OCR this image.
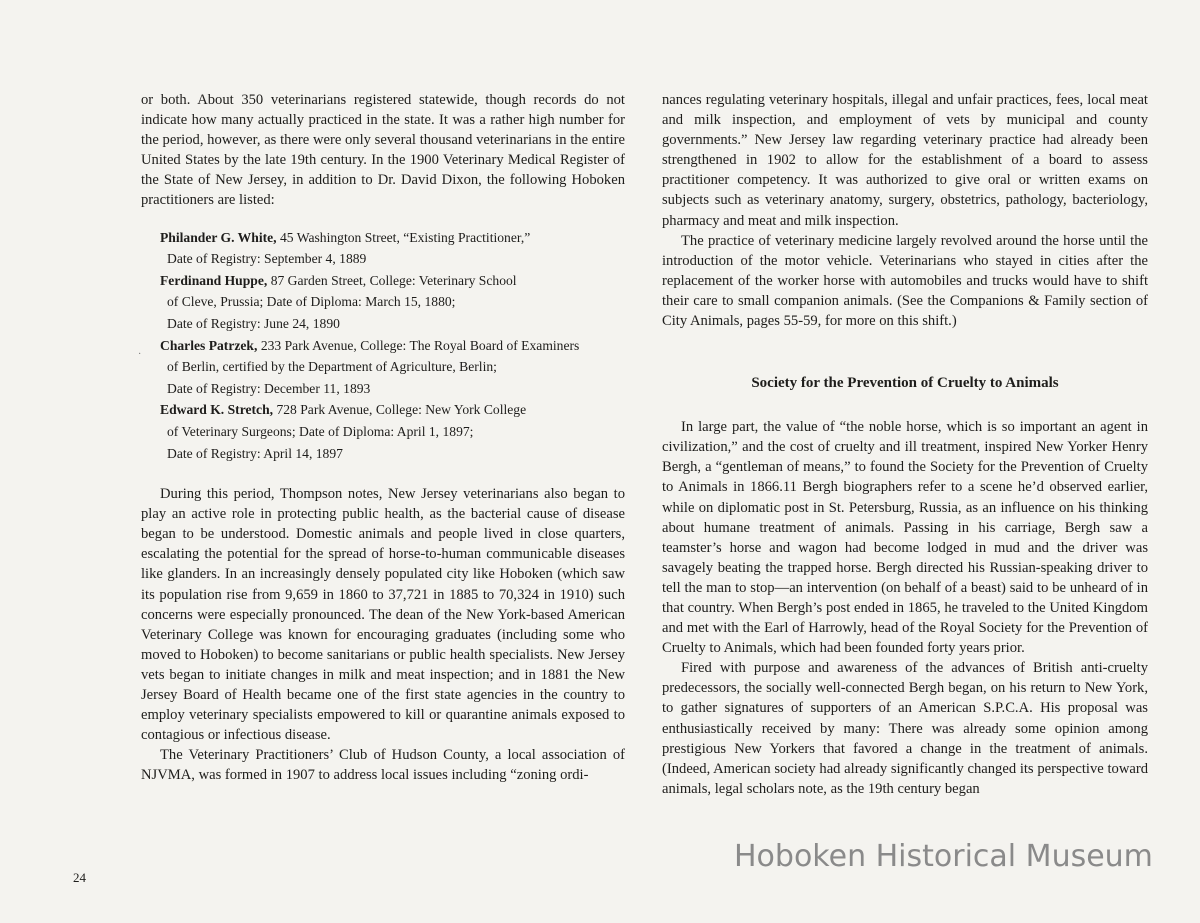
or both. About 350 veterinarians registered statewide, though records do not indicate how many actually practiced in the state. It was a rather high number for the period, however, as there were only several thousand veterinarians in the entire United States by the late 19th century. In the 1900 Veterinary Medical Register of the State of New Jersey, in addition to Dr. David Dixon, the following Hoboken practitioners are listed:

Philander G. White, 45 Washington Street, “Existing Practitioner,”
Date of Registry: September 4, 1889
Ferdinand Huppe, 87 Garden Street, College: Veterinary School
of Cleve, Prussia; Date of Diploma: March 15, 1880;
Date of Registry: June 24, 1890
Charles Patrzek, 233 Park Avenue, College: The Royal Board of Examiners
of Berlin, certified by the Department of Agriculture, Berlin;
Date of Registry: December 11, 1893
Edward K. Stretch, 728 Park Avenue, College: New York College
of Veterinary Surgeons; Date of Diploma: April 1, 1897;
Date of Registry: April 14, 1897

During this period, Thompson notes, New Jersey veterinarians also began to play an active role in protecting public health, as the bacterial cause of disease began to be understood. Domestic animals and people lived in close quarters, escalating the potential for the spread of horse-to-human communicable diseases like glanders. In an increasingly densely populated city like Hoboken (which saw its population rise from 9,659 in 1860 to 37,721 in 1885 to 70,324 in 1910) such concerns were especially pronounced. The dean of the New York-based American Veterinary College was known for encouraging graduates (including some who moved to Hoboken) to become sanitarians or public health specialists. New Jersey vets began to initiate changes in milk and meat inspection; and in 1881 the New Jersey Board of Health became one of the first state agencies in the country to employ veterinary specialists empowered to kill or quarantine animals exposed to contagious or infectious disease.

The Veterinary Practitioners’ Club of Hudson County, a local association of NJVMA, was formed in 1907 to address local issues including “zoning ordi-

nances regulating veterinary hospitals, illegal and unfair practices, fees, local meat and milk inspection, and employment of vets by municipal and county governments.” New Jersey law regarding veterinary practice had already been strengthened in 1902 to allow for the establishment of a board to assess practitioner competency. It was authorized to give oral or written exams on subjects such as veterinary anatomy, surgery, obstetrics, pathology, bacteriology, pharmacy and meat and milk inspection.

The practice of veterinary medicine largely revolved around the horse until the introduction of the motor vehicle. Veterinarians who stayed in cities after the replacement of the worker horse with automobiles and trucks would have to shift their care to small companion animals. (See the Companions & Family section of City Animals, pages 55-59, for more on this shift.)

Society for the Prevention of Cruelty to Animals

In large part, the value of “the noble horse, which is so important an agent in civilization,” and the cost of cruelty and ill treatment, inspired New Yorker Henry Bergh, a “gentleman of means,” to found the Society for the Prevention of Cruelty to Animals in 1866.11 Bergh biographers refer to a scene he’d observed earlier, while on diplomatic post in St. Petersburg, Russia, as an influence on his thinking about humane treatment of animals. Passing in his carriage, Bergh saw a teamster’s horse and wagon had become lodged in mud and the driver was savagely beating the trapped horse. Bergh directed his Russian-speaking driver to tell the man to stop—an intervention (on behalf of a beast) said to be unheard of in that country. When Bergh’s post ended in 1865, he traveled to the United Kingdom and met with the Earl of Harrowly, head of the Royal Society for the Prevention of Cruelty to Animals, which had been founded forty years prior.

Fired with purpose and awareness of the advances of British anti-cruelty predecessors, the socially well-connected Bergh began, on his return to New York, to gather signatures of supporters of an American S.P.C.A. His proposal was enthusiastically received by many: There was already some opinion among prestigious New Yorkers that favored a change in the treatment of animals. (Indeed, American society had already significantly changed its perspective toward animals, legal scholars note, as the 19th century began

·
24
Hoboken Historical Museum
